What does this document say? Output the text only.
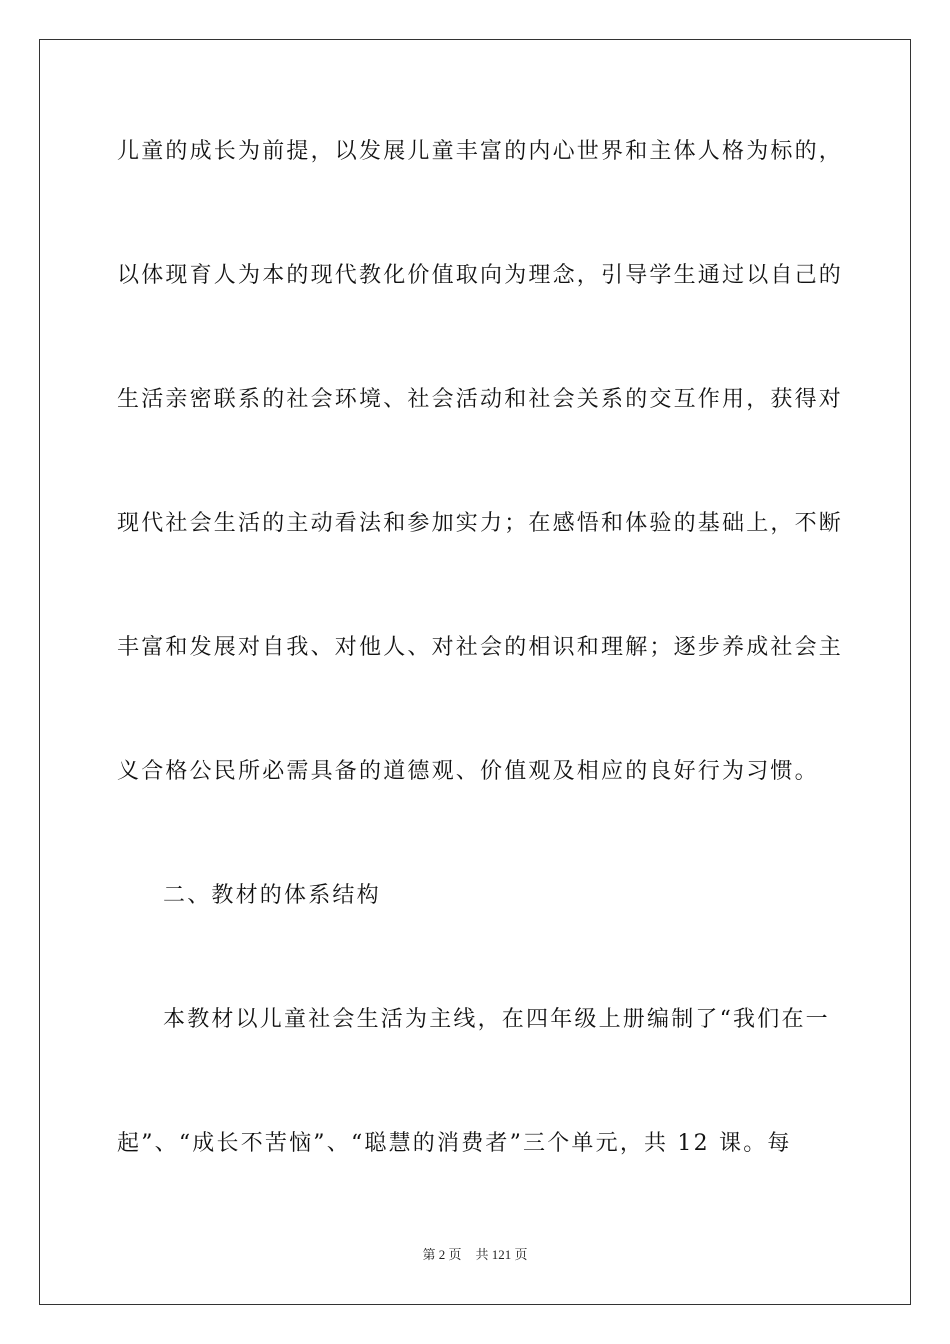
儿童的成长为前提，以发展儿童丰富的内心世界和主体人格为标的，
以体现育人为本的现代教化价值取向为理念，引导学生通过以自己的
生活亲密联系的社会环境、社会活动和社会关系的交互作用，获得对
现代社会生活的主动看法和参加实力；在感悟和体验的基础上，不断
丰富和发展对自我、对他人、对社会的相识和理解；逐步养成社会主
义合格公民所必需具备的道德观、价值观及相应的良好行为习惯。
二、教材的体系结构
本教材以儿童社会生活为主线，在四年级上册编制了“我们在一
起”、“成长不苦恼”、“聪慧的消费者”三个单元，共 12 课。每
第 2 页 共 121 页
